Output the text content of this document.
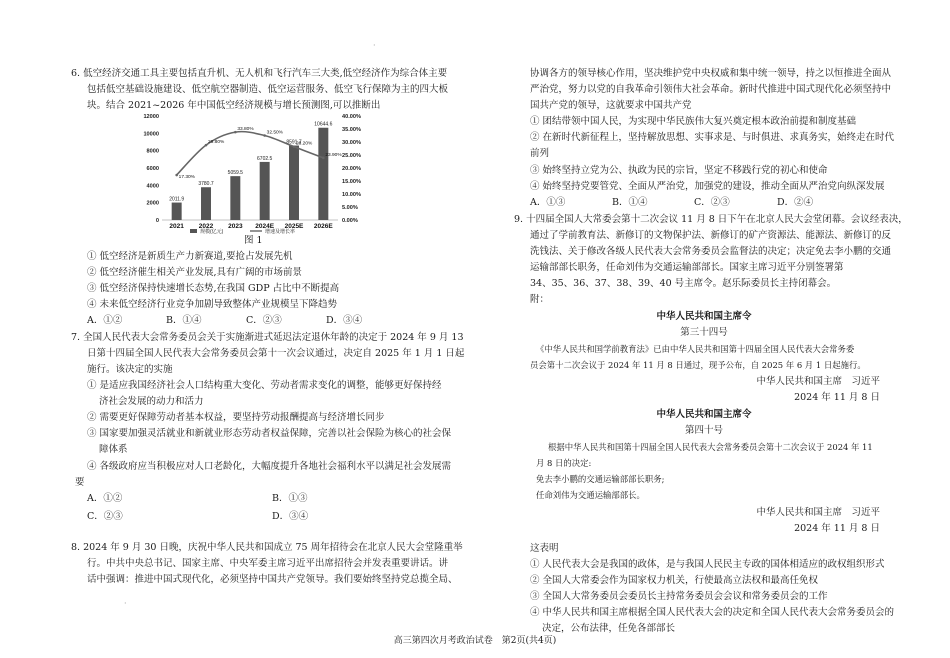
·
6. 低空经济交通工具主要包括直升机、无人机和飞行汽车三大类,低空经济作为综合体主要
包括低空基础设施建设、低空航空器制造、低空运营服务、低空飞行保障为主的四大板
块。结合 2021~2026 年中国低空经济规模与增长预测图,可以推断出
0
2000
4000
6000
8000
10000
12000
0.00%
5.00%
10.00%
15.00%
20.00%
25.00%
30.00%
35.00%
40.00%
2011.9
2021
3780.7
2022
5059.5
2023
6702.5
2024E
8591.7
2025E
10644.6
2026E
17.30%
28.80%
33.80%
32.50%
28.20%
23.90%
规模(亿元)	增速及增长率
图 1
① 低空经济是新质生产力新赛道,要抢占发展先机
② 低空经济催生相关产业发展,具有广阔的市场前景
③ 低空经济保持快速增长态势,在我国 GDP 占比中不断提高
④ 未来低空经济行业竞争加剧导致整体产业规模呈下降趋势
A．①②	B．①④	C．②③	D．③④
7. 全国人民代表大会常务委员会关于实施渐进式延迟法定退休年龄的决定于 2024 年 9 月 13
日第十四届全国人民代表大会常务委员会第十一次会议通过，决定自 2025 年 1 月 1 日起
施行。该决定的实施
① 是适应我国经济社会人口结构重大变化、劳动者需求变化的调整，能够更好保持经
济社会发展的动力和活力
② 需要更好保障劳动者基本权益，要坚持劳动报酬提高与经济增长同步
③ 国家要加强灵活就业和新就业形态劳动者权益保障，完善以社会保险为核心的社会保
障体系
④ 各级政府应当积极应对人口老龄化，大幅度提升各地社会福利水平以满足社会发展需
要
A．①②	B．①③
C．②③	D．③④
8. 2024 年 9 月 30 日晚，庆祝中华人民共和国成立 75 周年招待会在北京人民大会堂隆重举
行。中共中央总书记、国家主席、中央军委主席习近平出席招待会并发表重要讲话。讲
话中强调：推进中国式现代化，必须坚持中国共产党领导。我们要始终坚持党总揽全局、
·
协调各方的领导核心作用，坚决维护党中央权威和集中统一领导，持之以恒推进全面从
严治党，努力以党的自我革命引领伟大社会革命。新时代推进中国式现代化必须坚持中
国共产党的领导，这就要求中国共产党
① 团结带领中国人民，为实现中华民族伟大复兴奠定根本政治前提和制度基础
② 在新时代新征程上，坚持解放思想、实事求是、与时俱进、求真务实，始终走在时代
前列
③ 始终坚持立党为公、执政为民的宗旨，坚定不移践行党的初心和使命
④ 始终坚持党要管党、全面从严治党，加强党的建设，推动全面从严治党向纵深发展
A．①③	B．①④	C．②③	D．②④
9. 十四届全国人大常委会第十二次会议 11 月 8 日下午在北京人民大会堂闭幕。会议经表决，
通过了学前教育法、新修订的文物保护法、新修订的矿产资源法、能源法、新修订的反
洗钱法、关于修改各级人民代表大会常务委员会监督法的决定；决定免去李小鹏的交通
运输部部长职务，任命刘伟为交通运输部部长。国家主席习近平分别签署第
34、35、36、37、38、39、40 号主席令。赵乐际委员长主持闭幕会。
附：
中华人民共和国主席令
第三十四号
《中华人民共和国学前教育法》已由中华人民共和国第十四届全国人民代表大会常务委
员会第十二次会议于 2024 年 11 月 8 日通过，现予公布，自 2025 年 6 月 1 日起施行。
中华人民共和国主席　习近平
2024 年 11 月 8 日
中华人民共和国主席令
第四十号
根据中华人民共和国第十四届全国人民代表大会常务委员会第十二次会议于 2024 年 11
月 8 日的决定:
免去李小鹏的交通运输部部长职务;
任命刘伟为交通运输部部长。
中华人民共和国主席　习近平
2024 年 11 月 8 日
这表明
① 人民代表大会是我国的政体，是与我国人民民主专政的国体相适应的政权组织形式
② 全国人大常委会作为国家权力机关，行使最高立法权和最高任免权
③ 全国人大常务委员会委员长主持常务委员会会议和常务委员会的工作
④ 中华人民共和国主席根据全国人民代表大会的决定和全国人民代表大会常务委员会的
决定，公布法律，任免各部部长
高三第四次月考政治试卷　第2页(共4页)
